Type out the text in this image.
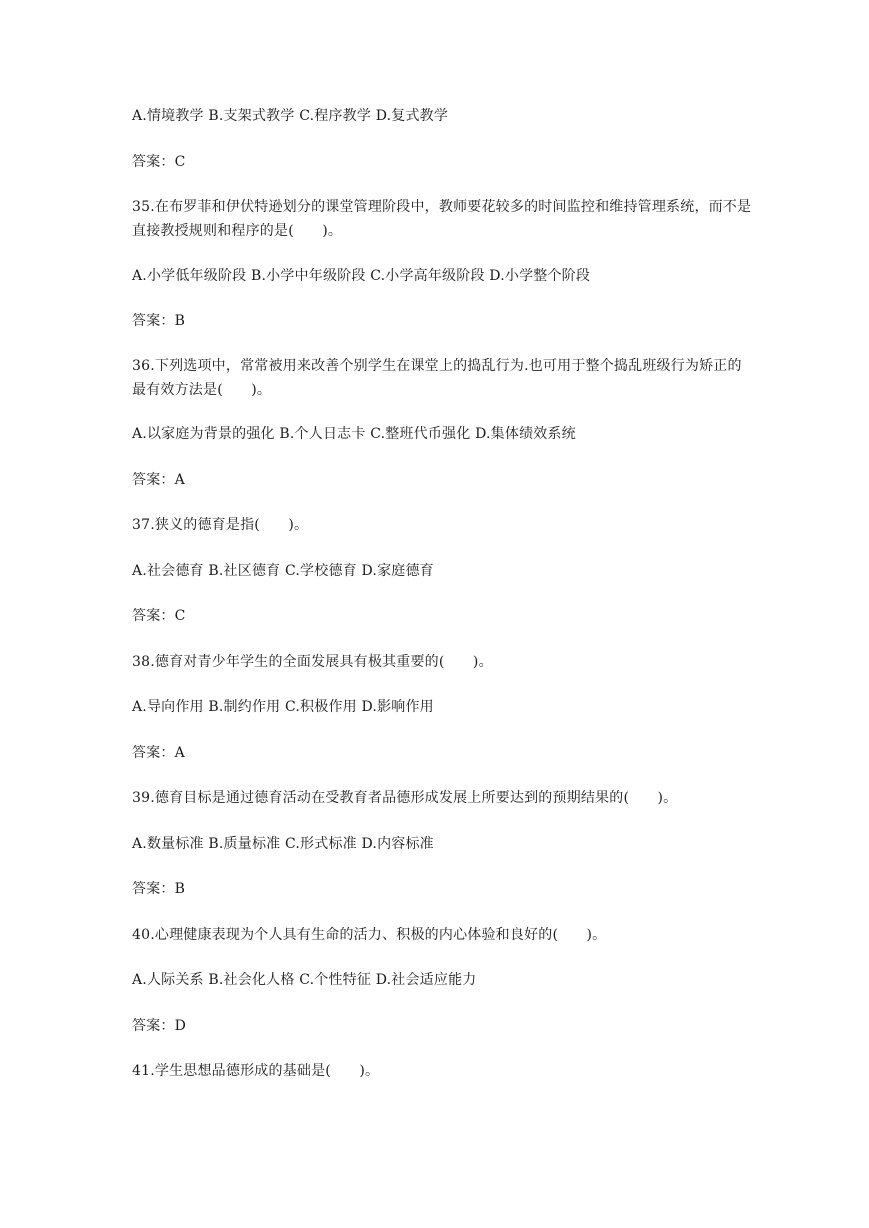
A.情境教学 B.支架式教学 C.程序教学 D.复式教学
答案：C
35.在布罗菲和伊伏特逊划分的课堂管理阶段中，教师要花较多的时间监控和维持管理系统，而不是直接教授规则和程序的是(　　)。
A.小学低年级阶段 B.小学中年级阶段 C.小学高年级阶段 D.小学整个阶段
答案：B
36.下列选项中，常常被用来改善个别学生在课堂上的捣乱行为.也可用于整个捣乱班级行为矫正的最有效方法是(　　)。
A.以家庭为背景的强化 B.个人日志卡 C.整班代币强化 D.集体绩效系统
答案：A
37.狭义的德育是指(　　)。
A.社会德育 B.社区德育 C.学校德育 D.家庭德育
答案：C
38.德育对青少年学生的全面发展具有极其重要的(　　)。
A.导向作用 B.制约作用 C.积极作用 D.影响作用
答案：A
39.德育目标是通过德育活动在受教育者品德形成发展上所要达到的预期结果的(　　)。
A.数量标准 B.质量标准 C.形式标准 D.内容标准
答案：B
40.心理健康表现为个人具有生命的活力、积极的内心体验和良好的(　　)。
A.人际关系 B.社会化人格 C.个性特征 D.社会适应能力
答案：D
41.学生思想品德形成的基础是(　　)。
